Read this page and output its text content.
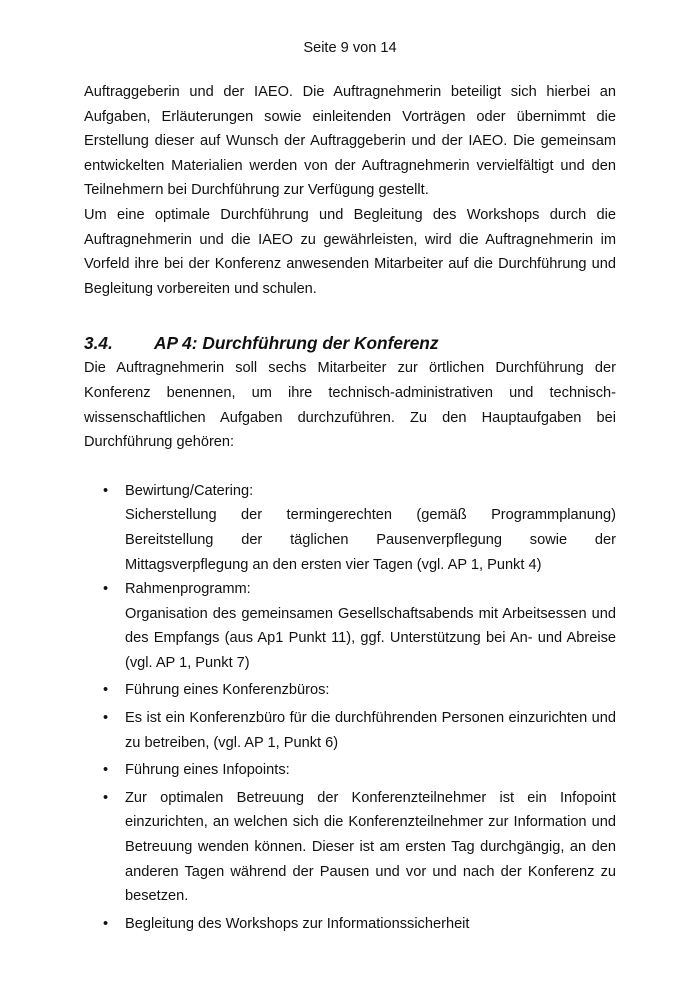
Seite 9 von 14

Auftraggeberin und der IAEO. Die Auftragnehmerin beteiligt sich hierbei an Aufgaben, Erläuterungen sowie einleitenden Vorträgen oder übernimmt die Erstellung dieser auf Wunsch der Auftraggeberin und der IAEO. Die gemeinsam entwickelten Materialien werden von der Auftragnehmerin vervielfältigt und den Teilnehmern bei Durchführung zur Verfügung gestellt.

Um eine optimale Durchführung und Begleitung des Workshops durch die Auftragnehmerin und die IAEO zu gewährleisten, wird die Auftragnehmerin im Vorfeld ihre bei der Konferenz anwesenden Mitarbeiter auf die Durchführung und Begleitung vorbereiten und schulen.

3.4.	AP 4: Durchführung der Konferenz

Die Auftragnehmerin soll sechs Mitarbeiter zur örtlichen Durchführung der Konferenz benennen, um ihre technisch-administrativen und technisch-wissenschaftlichen Aufgaben durchzuführen. Zu den Hauptaufgaben bei Durchführung gehören:

• Bewirtung/Catering:
Sicherstellung der termingerechten (gemäß Programmplanung) Bereitstellung der täglichen Pausenverpflegung sowie der Mittagsverpflegung an den ersten vier Tagen (vgl. AP 1, Punkt 4)
• Rahmenprogramm:
Organisation des gemeinsamen Gesellschaftsabends mit Arbeitsessen und des Empfangs (aus Ap1 Punkt 11), ggf. Unterstützung bei An- und Abreise (vgl. AP 1, Punkt 7)
• Führung eines Konferenzbüros:
• Es ist ein Konferenzbüro für die durchführenden Personen einzurichten und zu betreiben, (vgl. AP 1, Punkt 6)
• Führung eines Infopoints:
• Zur optimalen Betreuung der Konferenzteilnehmer ist ein Infopoint einzurichten, an welchen sich die Konferenzteilnehmer zur Information und Betreuung wenden können. Dieser ist am ersten Tag durchgängig, an den anderen Tagen während der Pausen und vor und nach der Konferenz zu besetzen.
• Begleitung des Workshops zur Informationssicherheit
